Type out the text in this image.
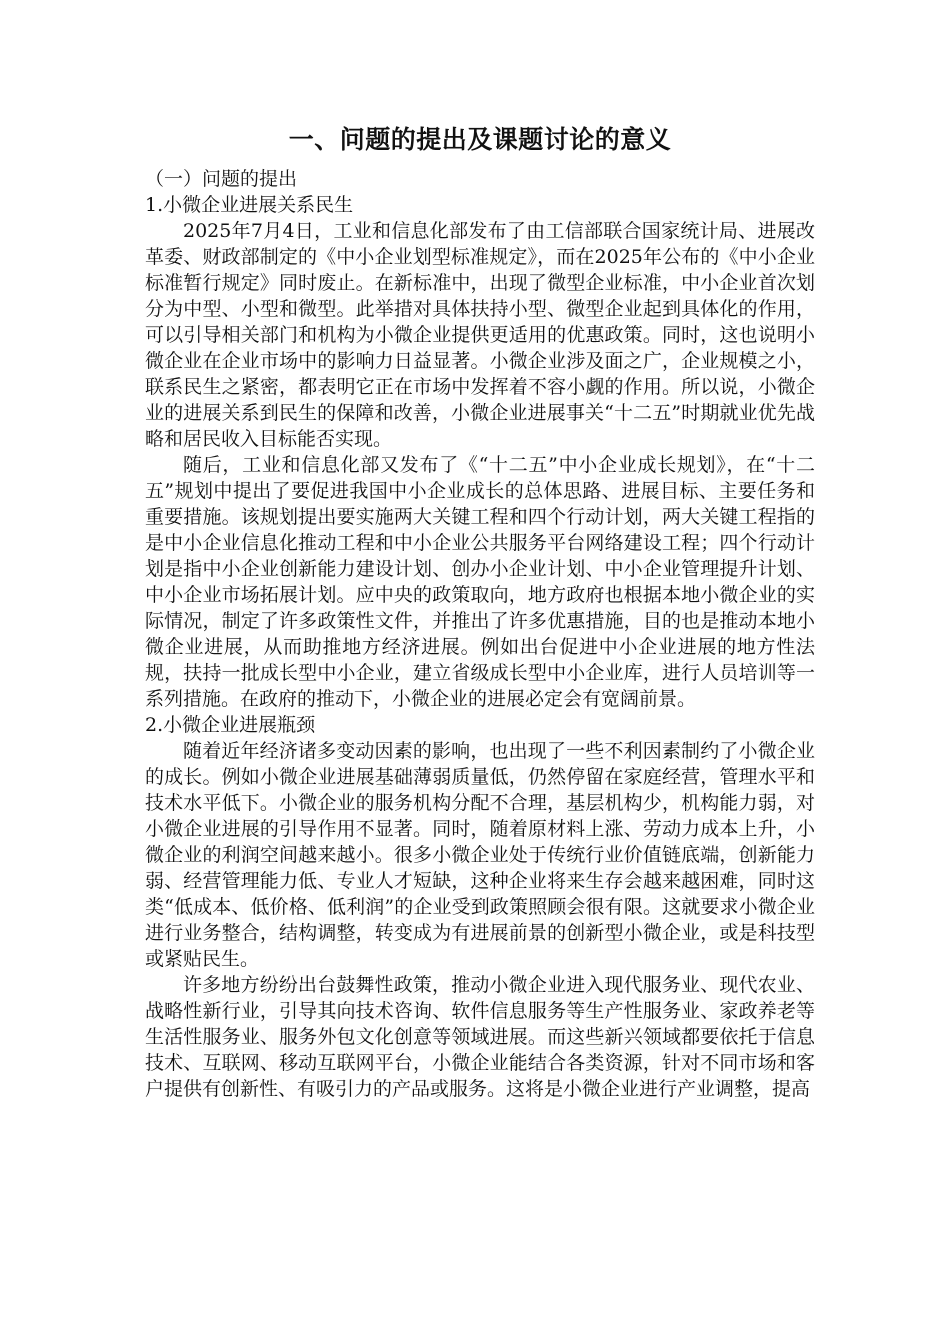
一、问题的提出及课题讨论的意义
（一）问题的提出
1.小微企业进展关系民生

2025年7月4日，工业和信息化部发布了由工信部联合国家统计局、进展改革委、财政部制定的《中小企业划型标准规定》，而在2025年公布的《中小企业标准暂行规定》同时废止。在新标准中，出现了微型企业标准，中小企业首次划分为中型、小型和微型。此举措对具体扶持小型、微型企业起到具体化的作用，可以引导相关部门和机构为小微企业提供更适用的优惠政策。同时，这也说明小微企业在企业市场中的影响力日益显著。小微企业涉及面之广，企业规模之小，联系民生之紧密，都表明它正在市场中发挥着不容小觑的作用。所以说，小微企业的进展关系到民生的保障和改善，小微企业进展事关“十二五”时期就业优先战略和居民收入目标能否实现。

随后，工业和信息化部又发布了《“十二五”中小企业成长规划》，在“十二五”规划中提出了要促进我国中小企业成长的总体思路、进展目标、主要任务和重要措施。该规划提出要实施两大关键工程和四个行动计划，两大关键工程指的是中小企业信息化推动工程和中小企业公共服务平台网络建设工程；四个行动计划是指中小企业创新能力建设计划、创办小企业计划、中小企业管理提升计划、中小企业市场拓展计划。应中央的政策取向，地方政府也根据本地小微企业的实际情况，制定了许多政策性文件，并推出了许多优惠措施，目的也是推动本地小微企业进展，从而助推地方经济进展。例如出台促进中小企业进展的地方性法规，扶持一批成长型中小企业，建立省级成长型中小企业库，进行人员培训等一系列措施。在政府的推动下，小微企业的进展必定会有宽阔前景。

2.小微企业进展瓶颈

随着近年经济诸多变动因素的影响，也出现了一些不利因素制约了小微企业的成长。例如小微企业进展基础薄弱质量低，仍然停留在家庭经营，管理水平和技术水平低下。小微企业的服务机构分配不合理，基层机构少，机构能力弱，对小微企业进展的引导作用不显著。同时，随着原材料上涨、劳动力成本上升，小微企业的利润空间越来越小。很多小微企业处于传统行业价值链底端，创新能力弱、经营管理能力低、专业人才短缺，这种企业将来生存会越来越困难，同时这类“低成本、低价格、低利润”的企业受到政策照顾会很有限。这就要求小微企业进行业务整合，结构调整，转变成为有进展前景的创新型小微企业，或是科技型或紧贴民生。

许多地方纷纷出台鼓舞性政策，推动小微企业进入现代服务业、现代农业、战略性新行业，引导其向技术咨询、软件信息服务等生产性服务业、家政养老等生活性服务业、服务外包文化创意等领域进展。而这些新兴领域都要依托于信息技术、互联网、移动互联网平台，小微企业能结合各类资源，针对不同市场和客户提供有创新性、有吸引力的产品或服务。这将是小微企业进行产业调整，提高
